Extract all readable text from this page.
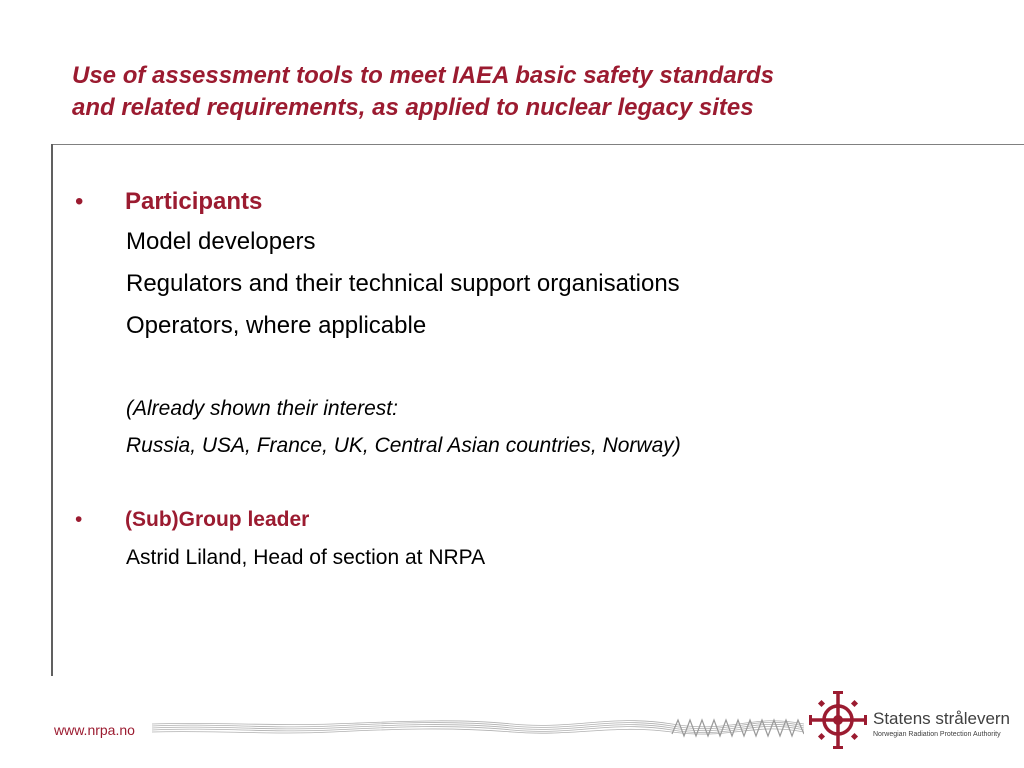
Use of assessment tools to meet IAEA basic safety standards
and related requirements, as applied to nuclear legacy sites
• Participants
Model developers
Regulators and their technical support organisations
Operators, where applicable
(Already shown their interest:
Russia, USA, France, UK, Central Asian countries, Norway)
• (Sub)Group leader
Astrid Liland, Head of section at NRPA
www.nrpa.no
Statens strålevern
Norwegian Radiation Protection Authority
